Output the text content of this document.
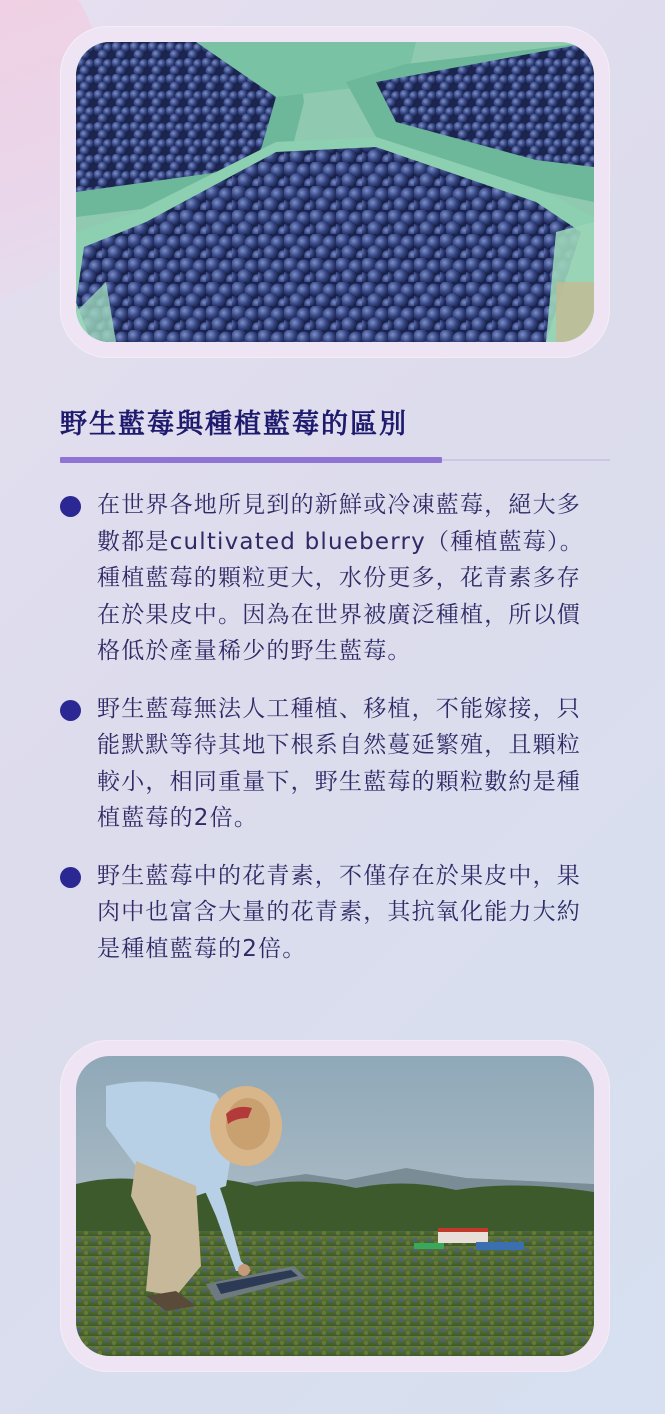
野生藍莓與種植藍莓的區別
在世界各地所見到的新鮮或冷凍藍莓，絕大多數都是cultivated blueberry（種植藍莓）。種植藍莓的顆粒更大，水份更多，花青素多存在於果皮中。因為在世界被廣泛種植，所以價格低於產量稀少的野生藍莓。
野生藍莓無法人工種植、移植，不能嫁接，只能默默等待其地下根系自然蔓延繁殖，且顆粒較小，相同重量下，野生藍莓的顆粒數約是種植藍莓的2倍。
野生藍莓中的花青素，不僅存在於果皮中，果肉中也富含大量的花青素，其抗氧化能力大約是種植藍莓的2倍。
